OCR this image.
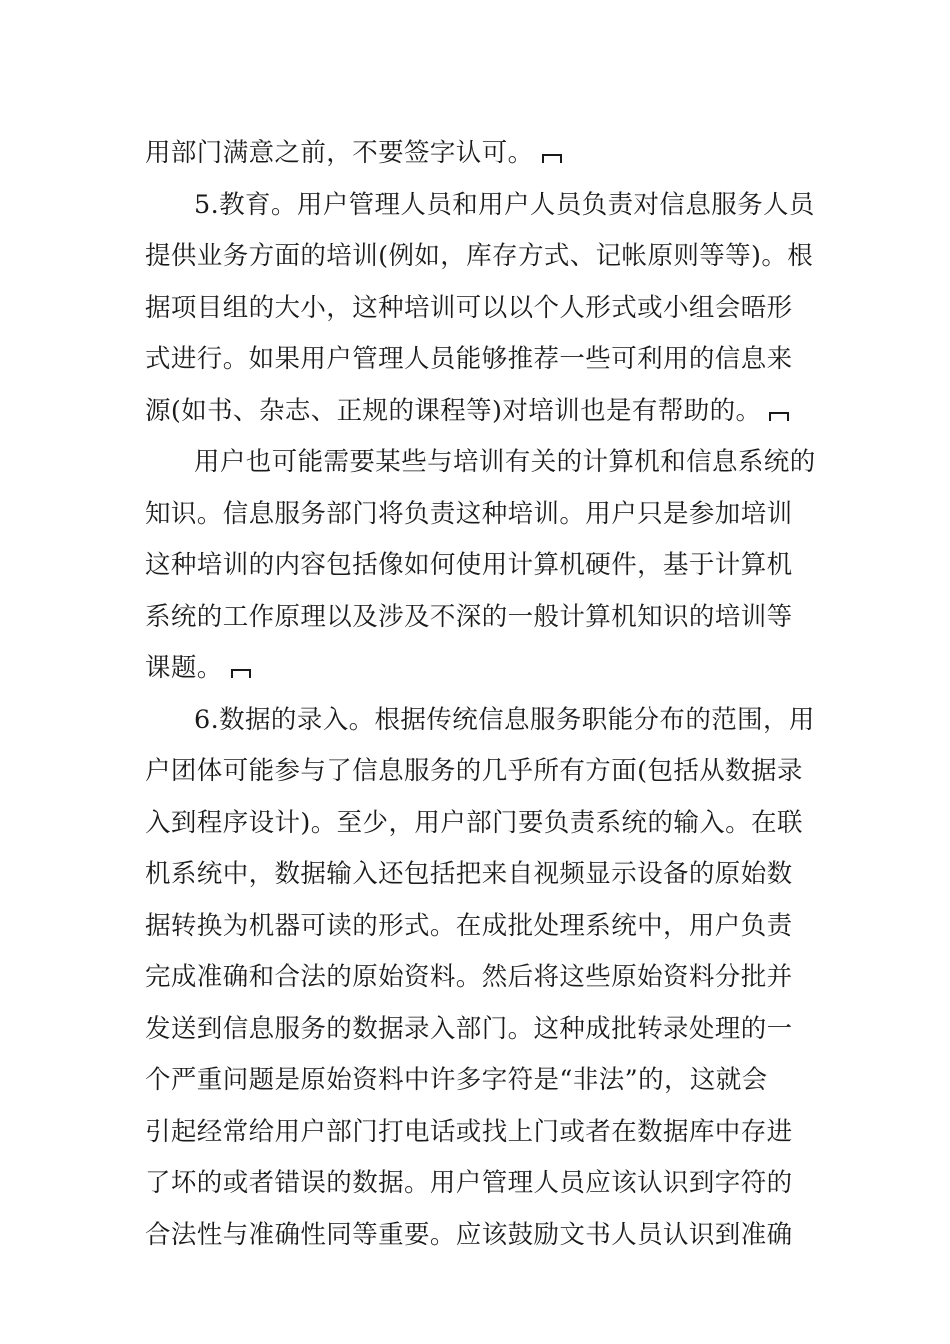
用部门满意之前，不要签字认可。
5.教育。用户管理人员和用户人员负责对信息服务人员
提供业务方面的培训(例如，库存方式、记帐原则等等)。根
据项目组的大小，这种培训可以以个人形式或小组会晤形
式进行。如果用户管理人员能够推荐一些可利用的信息来
源(如书、杂志、正规的课程等)对培训也是有帮助的。
用户也可能需要某些与培训有关的计算机和信息系统的
知识。信息服务部门将负责这种培训。用户只是参加培训
这种培训的内容包括像如何使用计算机硬件，基于计算机
系统的工作原理以及涉及不深的一般计算机知识的培训等
课题。
6.数据的录入。根据传统信息服务职能分布的范围，用
户团体可能参与了信息服务的几乎所有方面(包括从数据录
入到程序设计)。至少，用户部门要负责系统的输入。在联
机系统中，数据输入还包括把来自视频显示设备的原始数
据转换为机器可读的形式。在成批处理系统中，用户负责
完成准确和合法的原始资料。然后将这些原始资料分批并
发送到信息服务的数据录入部门。这种成批转录处理的一
个严重问题是原始资料中许多字符是“非法”的，这就会
引起经常给用户部门打电话或找上门或者在数据库中存进
了坏的或者错误的数据。用户管理人员应该认识到字符的
合法性与准确性同等重要。应该鼓励文书人员认识到准确
